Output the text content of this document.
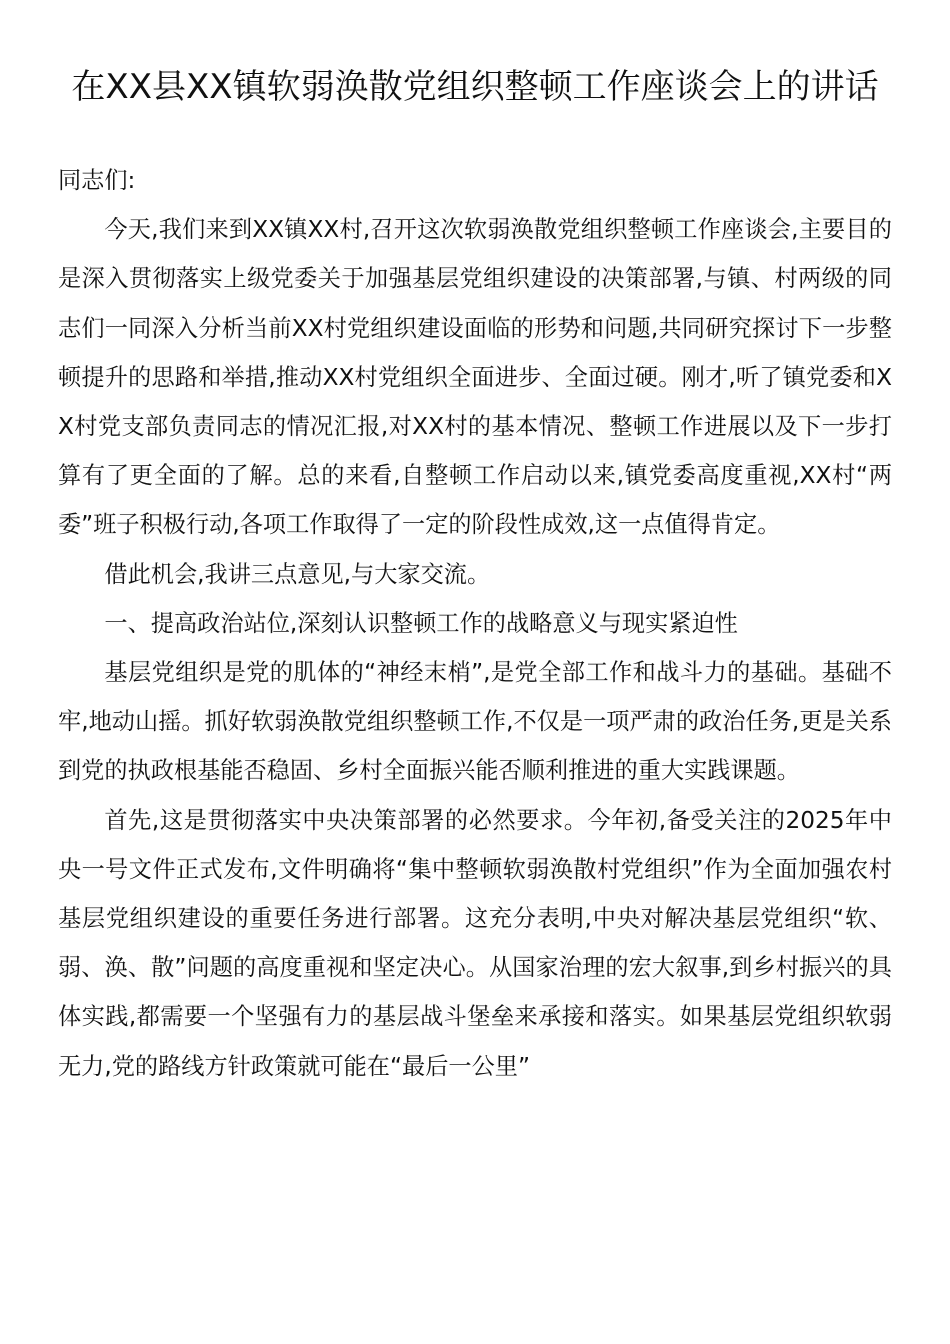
在XX县XX镇软弱涣散党组织整顿工作座谈会上的讲话

同志们:

今天,我们来到XX镇XX村,召开这次软弱涣散党组织整顿工作座谈会,主要目的是深入贯彻落实上级党委关于加强基层党组织建设的决策部署,与镇、村两级的同志们一同深入分析当前XX村党组织建设面临的形势和问题,共同研究探讨下一步整顿提升的思路和举措,推动XX村党组织全面进步、全面过硬。刚才,听了镇党委和XX村党支部负责同志的情况汇报,对XX村的基本情况、整顿工作进展以及下一步打算有了更全面的了解。总的来看,自整顿工作启动以来,镇党委高度重视,XX村“两委”班子积极行动,各项工作取得了一定的阶段性成效,这一点值得肯定。

借此机会,我讲三点意见,与大家交流。

一、提高政治站位,深刻认识整顿工作的战略意义与现实紧迫性

基层党组织是党的肌体的“神经末梢”,是党全部工作和战斗力的基础。基础不牢,地动山摇。抓好软弱涣散党组织整顿工作,不仅是一项严肃的政治任务,更是关系到党的执政根基能否稳固、乡村全面振兴能否顺利推进的重大实践课题。

首先,这是贯彻落实中央决策部署的必然要求。今年初,备受关注的2025年中央一号文件正式发布,文件明确将“集中整顿软弱涣散村党组织”作为全面加强农村基层党组织建设的重要任务进行部署。这充分表明,中央对解决基层党组织“软、弱、涣、散”问题的高度重视和坚定决心。从国家治理的宏大叙事,到乡村振兴的具体实践,都需要一个坚强有力的基层战斗堡垒来承接和落实。如果基层党组织软弱无力,党的路线方针政策就可能在“最后一公里”
